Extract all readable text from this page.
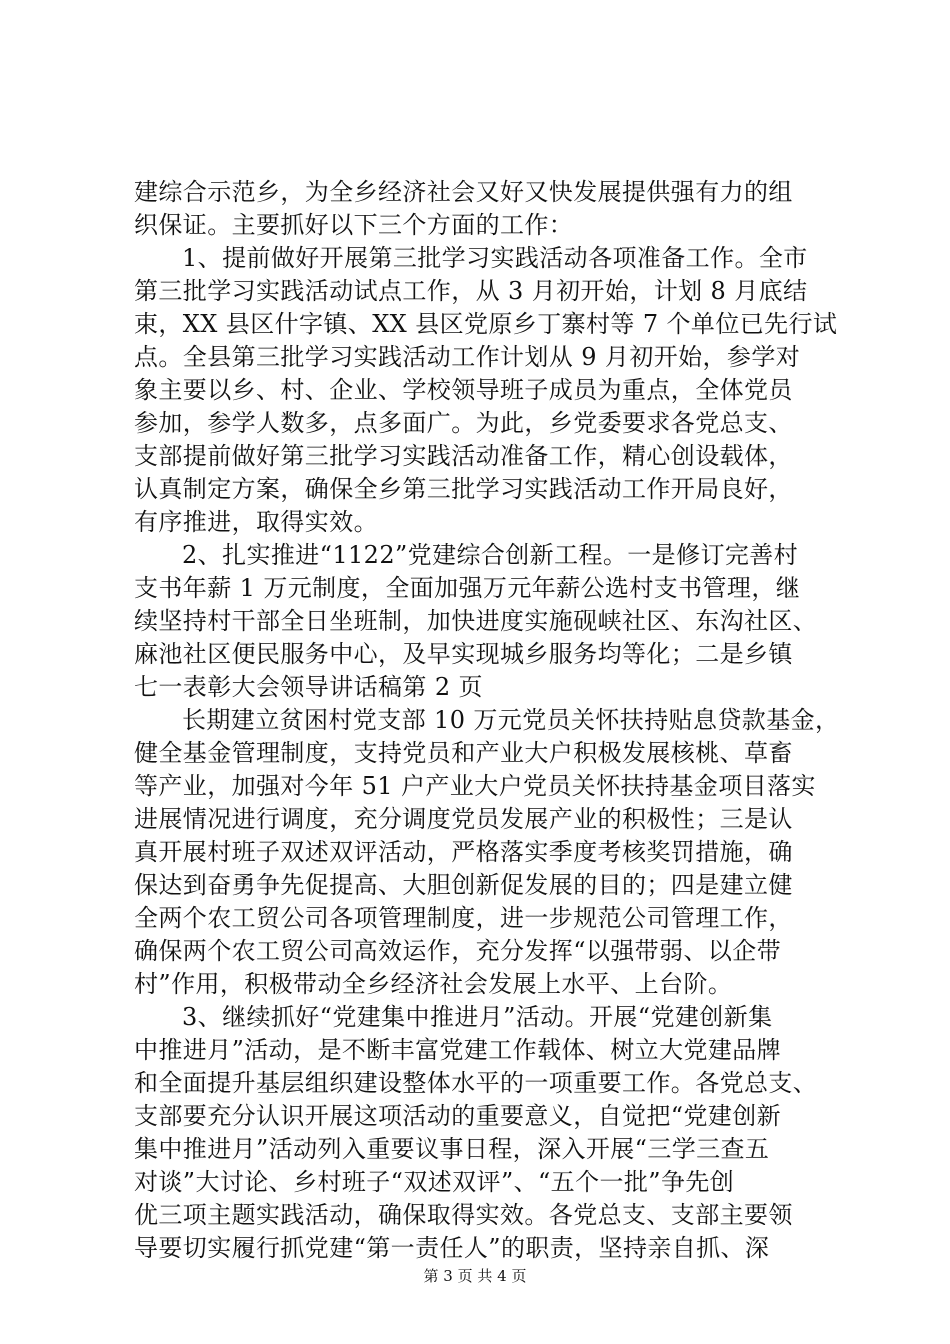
建综合示范乡，为全乡经济社会又好又快发展提供强有力的组
织保证。主要抓好以下三个方面的工作：
1、提前做好开展第三批学习实践活动各项准备工作。全市
第三批学习实践活动试点工作，从 3 月初开始，计划 8 月底结
束，XX 县区什字镇、XX 县区党原乡丁寨村等 7 个单位已先行试
点。全县第三批学习实践活动工作计划从 9 月初开始，参学对
象主要以乡、村、企业、学校领导班子成员为重点，全体党员
参加，参学人数多，点多面广。为此，乡党委要求各党总支、
支部提前做好第三批学习实践活动准备工作，精心创设载体，
认真制定方案，确保全乡第三批学习实践活动工作开局良好，
有序推进，取得实效。
2、扎实推进“1122”党建综合创新工程。一是修订完善村
支书年薪 1 万元制度，全面加强万元年薪公选村支书管理，继
续坚持村干部全日坐班制，加快进度实施砚峡社区、东沟社区、
麻池社区便民服务中心，及早实现城乡服务均等化；二是乡镇
七一表彰大会领导讲话稿第 2 页
长期建立贫困村党支部 10 万元党员关怀扶持贴息贷款基金，
健全基金管理制度，支持党员和产业大户积极发展核桃、草畜
等产业，加强对今年 51 户产业大户党员关怀扶持基金项目落实
进展情况进行调度，充分调度党员发展产业的积极性；三是认
真开展村班子双述双评活动，严格落实季度考核奖罚措施，确
保达到奋勇争先促提高、大胆创新促发展的目的；四是建立健
全两个农工贸公司各项管理制度，进一步规范公司管理工作，
确保两个农工贸公司高效运作，充分发挥“以强带弱、以企带
村”作用，积极带动全乡经济社会发展上水平、上台阶。
3、继续抓好“党建集中推进月”活动。开展“党建创新集
中推进月”活动，是不断丰富党建工作载体、树立大党建品牌
和全面提升基层组织建设整体水平的一项重要工作。各党总支、
支部要充分认识开展这项活动的重要意义，自觉把“党建创新
集中推进月”活动列入重要议事日程，深入开展“三学三查五
对谈”大讨论、乡村班子“双述双评”、“五个一批”争先创
优三项主题实践活动，确保取得实效。各党总支、支部主要领
导要切实履行抓党建“第一责任人”的职责，坚持亲自抓、深
第 3 页 共 4 页
